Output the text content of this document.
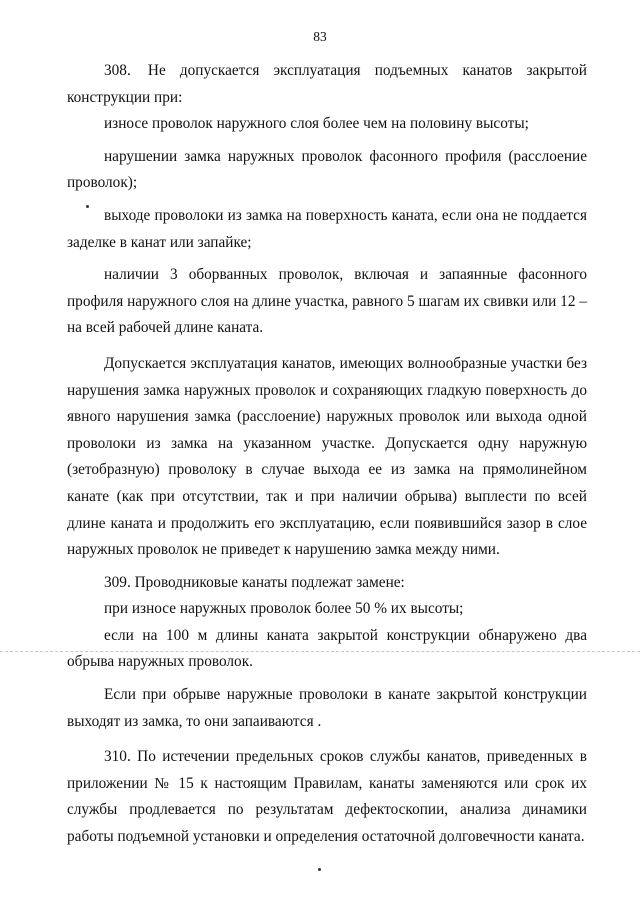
83

308. Не допускается эксплуатация подъемных канатов закрытой конструкции при:

износе проволок наружного слоя более чем на половину высоты;

нарушении замка наружных проволок фасонного профиля (расслоение проволок);

выходе проволоки из замка на поверхность каната, если она не поддается заделке в канат или запайке;

наличии 3 оборванных проволок, включая и запаянные фасонного профиля наружного слоя на длине участка, равного 5 шагам их свивки или 12 – на всей рабочей длине каната.

Допускается эксплуатация канатов, имеющих волнообразные участки без нарушения замка наружных проволок и сохраняющих гладкую поверхность до явного нарушения замка (расслоение) наружных проволок или выхода одной проволоки из замка на указанном участке. Допускается одну наружную (зетобразную) проволоку в случае выхода ее из замка на прямолинейном канате (как при отсутствии, так и при наличии обрыва) выплести по всей длине каната и продолжить его эксплуатацию, если появившийся зазор в слое наружных проволок не приведет к нарушению замка между ними.

309. Проводниковые канаты подлежат замене:

при износе наружных проволок более 50 % их высоты;

если на 100 м длины каната закрытой конструкции обнаружено два обрыва наружных проволок.

Если при обрыве наружные проволоки в канате закрытой конструкции выходят из замка, то они запаиваются .

310. По истечении предельных сроков службы канатов, приведенных в приложении № 15 к настоящим Правилам, канаты заменяются или срок их службы продлевается по результатам дефектоскопии, анализа динамики работы подъемной установки и определения остаточной долговечности каната.
